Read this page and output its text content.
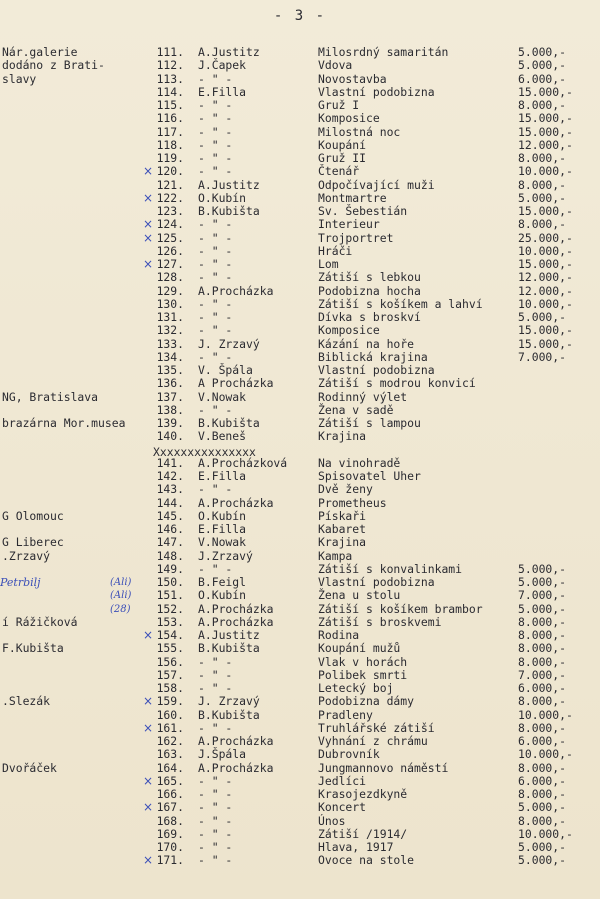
- 3 -
Nár.galerie	111. A.Justitz	Milosrdný samaritán	5.000,-
dodáno z Brati-	112. J.Čapek	Vdova	5.000,-
slavy	113. - " -	Novostavba	6.000,-
114. E.Filla	Vlastní podobizna	15.000,-
115. - " -	Gruž I	8.000,-
116. - " -	Komposice	15.000,-
117. - " -	Milostná noc	15.000,-
118. - " -	Koupání	12.000,-
119. - " -	Gruž II	8.000,-
× 120. - " -	Čtenář	10.000,-
121. A.Justitz	Odpočívající muži	8.000,-
× 122. O.Kubín	Montmartre	5.000,-
123. B.Kubišta	Sv. Šebestián	15.000,-
× 124. - " -	Interieur	8.000,-
× 125. - " -	Trojportret	25.000,-
126. - " -	Hráči	10.000,-
× 127. - " -	Lom	15.000,-
128. - " -	Zátiší s lebkou	12.000,-
129. A.Procházka	Podobizna hocha	12.000,-
130. - " -	Zátiší s košíkem a lahví	10.000,-
131. - " -	Dívka s broskví	5.000,-
132. - " -	Komposice	15.000,-
133. J. Zrzavý	Kázání na hoře	15.000,-
134. - " -	Biblická krajina	7.000,-
135. V. Špála	Vlastní podobizna
136. A Procházka	Zátiší s modrou konvicí
NG, Bratislava	137. V.Nowak	Rodinný výlet
138. - " -	Žena v sadě
brazárna Mor.musea	139. B.Kubišta	Zátiší s lampou
140. V.Beneš	Krajina
141. A.Procházková	Na vinohradě
142. E.Filla	Spisovatel Uher
143. - " -	Dvě ženy
144. A.Procházka	Prometheus
G Olomouc	145. O.Kubín	Pískaři
146. E.Filla	Kabaret
G Liberec	147. V.Nowak	Krajina
.Zrzavý	148. J.Zrzavý	Kampa
149. - " -	Zátiší s konvalinkami	5.000,-
Petrbilj	(Ali)	150. B.Feigl	Vlastní podobizna	5.000,-
(Ali)	151. O.Kubín	Žena u stolu	7.000,-
(28)	152. A.Procházka	Zátiší s košíkem brambor	5.000,-
í Rážičková	153. A.Procházka	Zátiší s broskvemi	8.000,-
× 154. A.Justitz	Rodina	8.000,-
F.Kubišta	155. B.Kubišta	Koupání mužů	8.000,-
156. - " -	Vlak v horách	8.000,-
157. - " -	Polibek smrti	7.000,-
158. - " -	Letecký boj	6.000,-
.Slezák	× 159. J. Zrzavý	Podobizna dámy	8.000,-
160. B.Kubišta	Pradleny	10.000,-
× 161. - " -	Truhlářské zátiší	8.000,-
162. A.Procházka	Vyhnání z chrámu	6.000,-
163. J.Špála	Dubrovník	10.000,-
Dvořáček	164. A.Procházka	Jungmannovo náměstí	8.000,-
× 165. - " -	Jedlíci	6.000,-
166. - " -	Krasojezdkyně	8.000,-
× 167. - " -	Koncert	5.000,-
168. - " -	Únos	8.000,-
169. - " -	Zátiší /1914/	10.000,-
170. - " -	Hlava, 1917	5.000,-
× 171. - " -	Ovoce na stole	5.000,-
Xxxxxxxxxxxxxxx
